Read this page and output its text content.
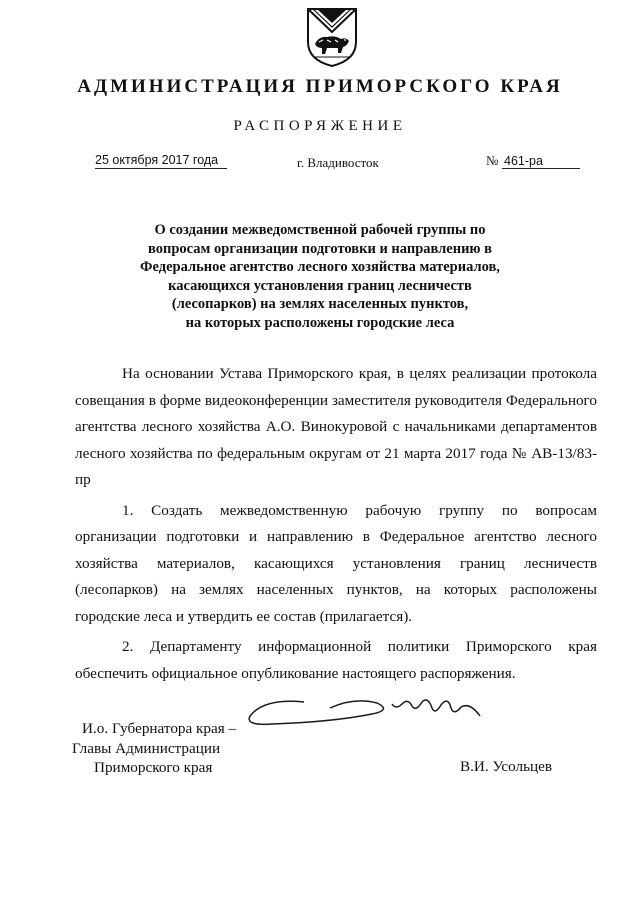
АДМИНИСТРАЦИЯ ПРИМОРСКОГО КРАЯ
РАСПОРЯЖЕНИЕ
25 октября 2017 года	г. Владивосток	№ 461-ра
О создании межведомственной рабочей группы по
вопросам организации подготовки и направлению в
Федеральное агентство лесного хозяйства материалов,
касающихся установления границ лесничеств
(лесопарков) на землях населенных пунктов,
на которых расположены городские леса

На основании Устава Приморского края, в целях реализации протокола совещания в форме видеоконференции заместителя руководителя Федерального агентства лесного хозяйства А.О. Винокуровой с начальниками департаментов лесного хозяйства по федеральным округам от 21 марта 2017 года № АВ-13/83-пр

1. Создать межведомственную рабочую группу по вопросам организации подготовки и направлению в Федеральное агентство лесного хозяйства материалов, касающихся установления границ лесничеств (лесопарков) на землях населенных пунктов, на которых расположены городские леса и утвердить ее состав (прилагается).

2. Департаменту информационной политики Приморского края обеспечить официальное опубликование настоящего распоряжения.

И.о. Губернатора края –
Главы Администрации
Приморского края	В.И. Усольцев
